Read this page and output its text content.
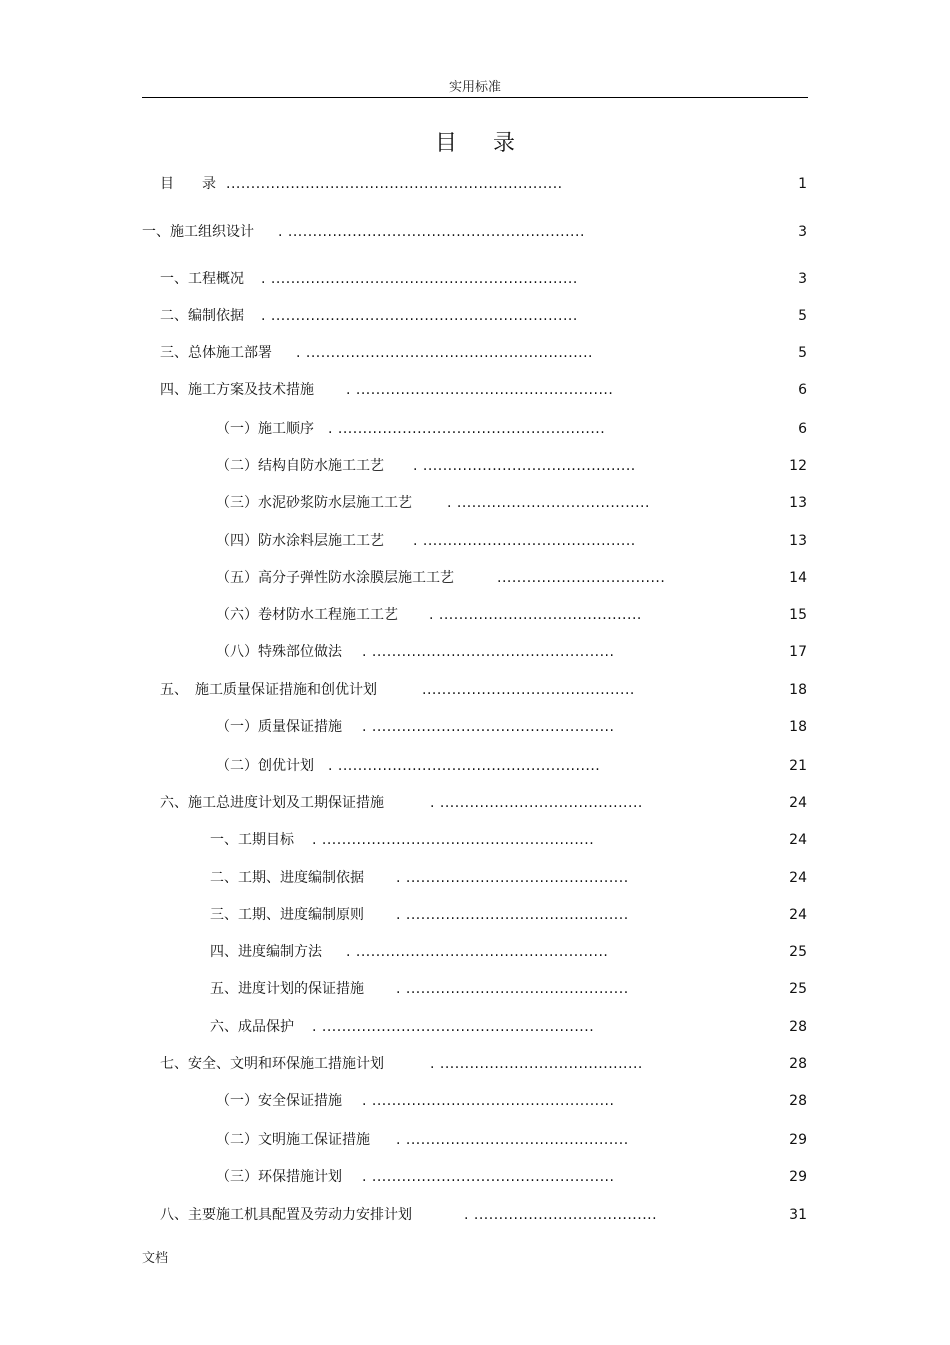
实用标准
目录
目　　录 ....................................................................	1
一、施工组织设计 . ............................................................	3
一、工程概况 . ..............................................................	3
二、编制依据 . ..............................................................	5
三、总体施工部署 . ..........................................................	5
四、施工方案及技术措施 . ....................................................	6
（一）施工顺序 . ......................................................	6
（二）结构自防水施工工艺 . ...........................................	12
（三）水泥砂浆防水层施工工艺	. .......................................	13
（四）防水涂料层施工工艺 . ...........................................	13
（五）高分子弹性防水涂膜层施工工艺	..................................	14
（六）卷材防水工程施工工艺 . .........................................	15
（八）特殊部位做法 . .................................................	17
五、　施工质量保证措施和创优计划	...........................................	18
（一）质量保证措施 . .................................................	18
（二）创优计划 . .....................................................	21
六、施工总进度计划及工期保证措施	. .........................................	24
一、工期目标 . .......................................................	24
二、工期、进度编制依据 . .............................................	24
三、工期、进度编制原则 . .............................................	24
四、进度编制方法 . ...................................................	25
五、进度计划的保证措施 . .............................................	25
六、成品保护 . .......................................................	28
七、安全、文明和环保施工措施计划	. .........................................	28
（一）安全保证措施 . .................................................	28
（二）文明施工保证措施 . .............................................	29
（三）环保措施计划 . .................................................	29
八、主要施工机具配置及劳动力安排计划	. .....................................	31
文档
